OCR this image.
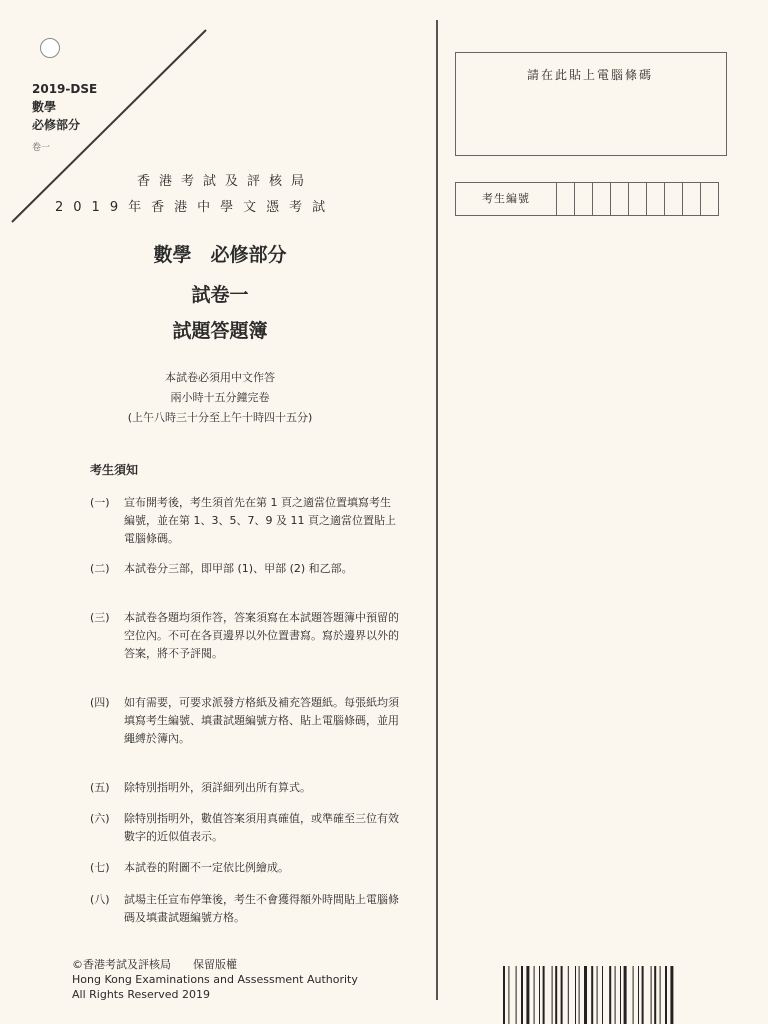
2019-DSE
數學
必修部分
卷一
香港考試及評核局
2019年香港中學文憑考試
數學　必修部分
試卷一
試題答題簿
本試卷必須用中文作答
兩小時十五分鐘完卷
(上午八時三十分至上午十時四十五分)
考生須知
(一)	宣布開考後，考生須首先在第 1 頁之適當位置填寫考生編號，並在第 1、3、5、7、9 及 11 頁之適當位置貼上電腦條碼。
(二)	本試卷分三部，即甲部 (1)、甲部 (2) 和乙部。
(三)	本試卷各題均須作答，答案須寫在本試題答題簿中預留的空位內。不可在各頁邊界以外位置書寫。寫於邊界以外的答案，將不予評閱。
(四)	如有需要，可要求派發方格紙及補充答題紙。每張紙均須填寫考生編號、填畫試題編號方格、貼上電腦條碼，並用繩縛於簿內。
(五)	除特別指明外，須詳細列出所有算式。
(六)	除特別指明外，數值答案須用真確值，或準確至三位有效數字的近似值表示。
(七)	本試卷的附圖不一定依比例繪成。
(八)	試場主任宣布停筆後，考生不會獲得額外時間貼上電腦條碼及填畫試題編號方格。
©香港考試及評核局　　保留版權
Hong Kong Examinations and Assessment Authority
All Rights Reserved 2019
請在此貼上電腦條碼
考生編號
